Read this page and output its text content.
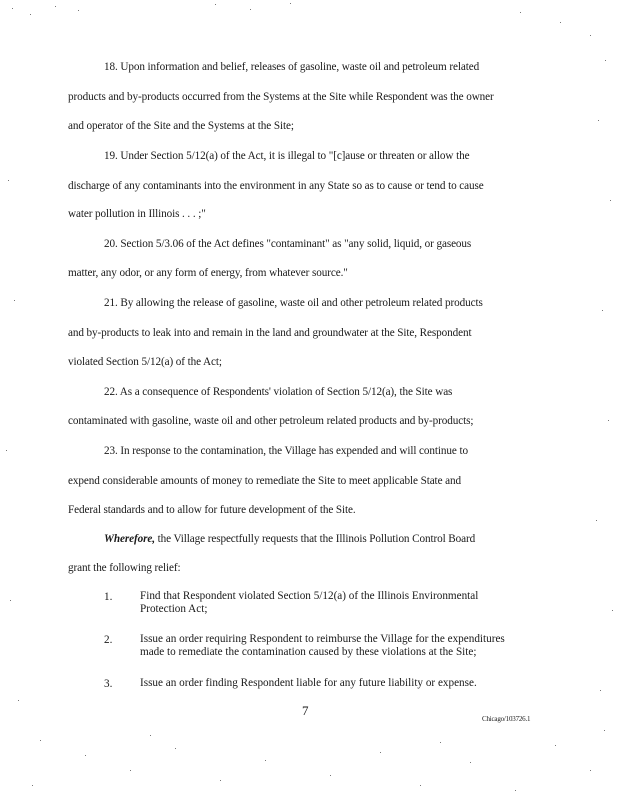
18. Upon information and belief, releases of gasoline, waste oil and petroleum related
products and by-products occurred from the Systems at the Site while Respondent was the owner
and operator of the Site and the Systems at the Site;
19. Under Section 5/12(a) of the Act, it is illegal to "[c]ause or threaten or allow the
discharge of any contaminants into the environment in any State so as to cause or tend to cause
water pollution in Illinois . . . ;"
20. Section 5/3.06 of the Act defines "contaminant" as "any solid, liquid, or gaseous
matter, any odor, or any form of energy, from whatever source."
21. By allowing the release of gasoline, waste oil and other petroleum related products
and by-products to leak into and remain in the land and groundwater at the Site, Respondent
violated Section 5/12(a) of the Act;
22. As a consequence of Respondents' violation of Section 5/12(a), the Site was
contaminated with gasoline, waste oil and other petroleum related products and by-products;
23. In response to the contamination, the Village has expended and will continue to
expend considerable amounts of money to remediate the Site to meet applicable State and
Federal standards and to allow for future development of the Site.
Wherefore, the Village respectfully requests that the Illinois Pollution Control Board
grant the following relief:
1. Find that Respondent violated Section 5/12(a) of the Illinois Environmental
Protection Act;
2. Issue an order requiring Respondent to reimburse the Village for the expenditures
made to remediate the contamination caused by these violations at the Site;
3. Issue an order finding Respondent liable for any future liability or expense.
7
Chicago/103726.1
